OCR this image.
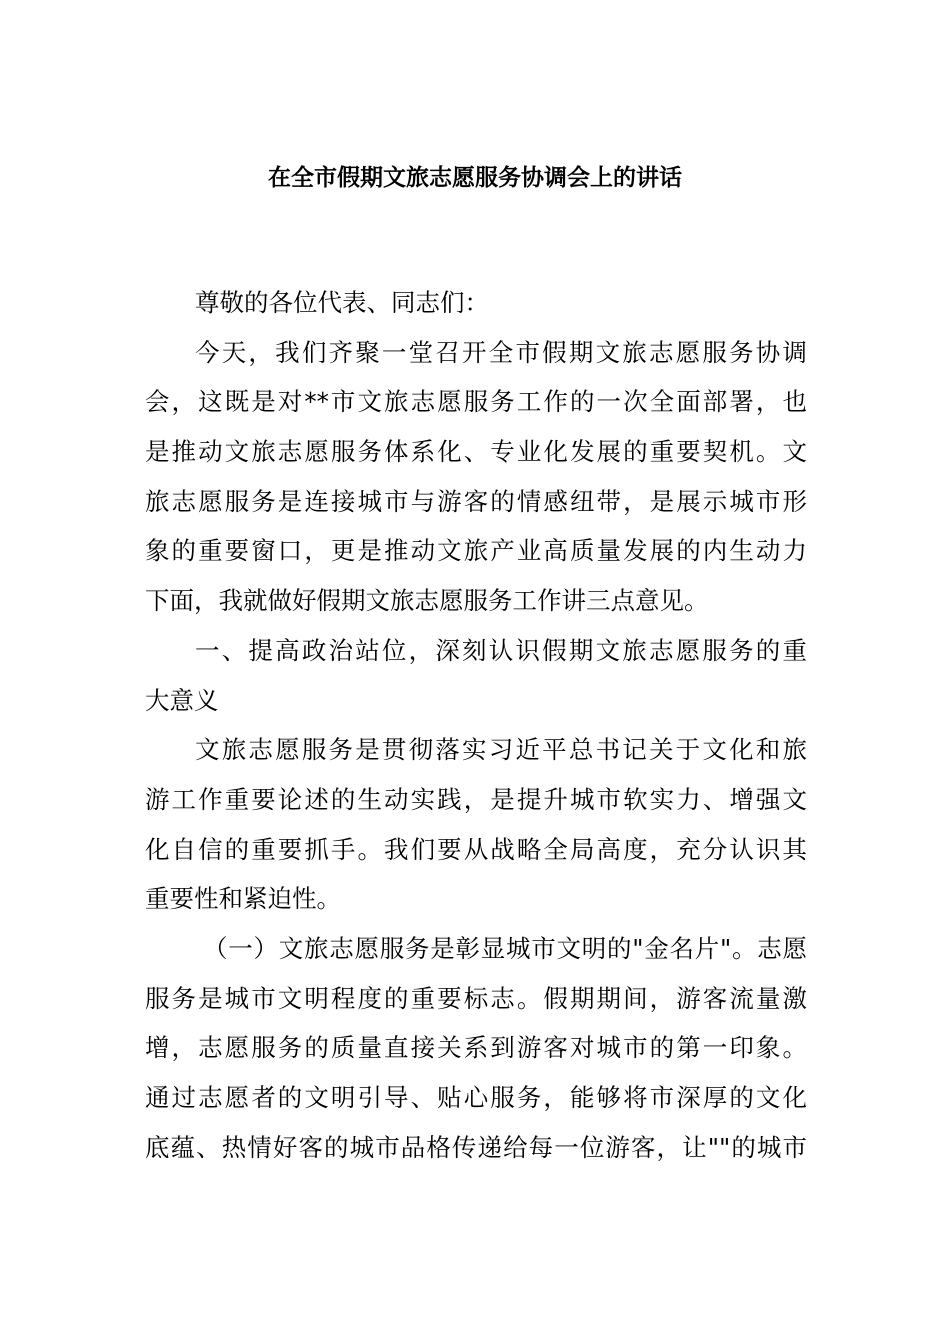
在全市假期文旅志愿服务协调会上的讲话
尊敬的各位代表、同志们：
今天，我们齐聚一堂召开全市假期文旅志愿服务协调
会，这既是对**市文旅志愿服务工作的一次全面部署，也
是推动文旅志愿服务体系化、专业化发展的重要契机。文
旅志愿服务是连接城市与游客的情感纽带，是展示城市形
象的重要窗口，更是推动文旅产业高质量发展的内生动力
下面，我就做好假期文旅志愿服务工作讲三点意见。
一、提高政治站位，深刻认识假期文旅志愿服务的重
大意义
文旅志愿服务是贯彻落实习近平总书记关于文化和旅
游工作重要论述的生动实践，是提升城市软实力、增强文
化自信的重要抓手。我们要从战略全局高度，充分认识其
重要性和紧迫性。
（一）文旅志愿服务是彰显城市文明的"金名片"。志愿
服务是城市文明程度的重要标志。假期期间，游客流量激
增，志愿服务的质量直接关系到游客对城市的第一印象。
通过志愿者的文明引导、贴心服务，能够将市深厚的文化
底蕴、热情好客的城市品格传递给每一位游客，让""的城市
